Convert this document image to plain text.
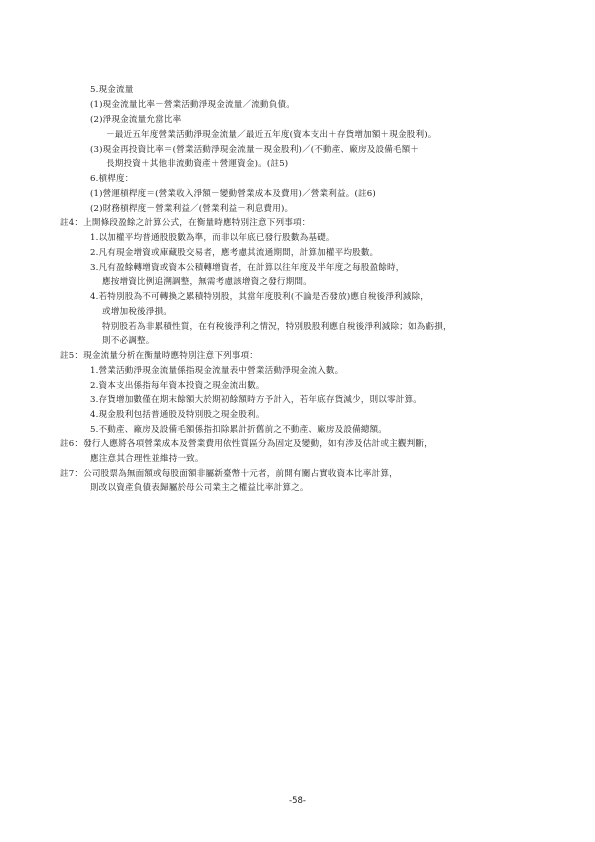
5.現金流量
(1)現金流量比率－營業活動淨現金流量／流動負債。
(2)淨現金流量允當比率
－最近五年度營業活動淨現金流量／最近五年度(資本支出＋存貨增加額＋現金股利)。
(3)現金再投資比率＝(營業活動淨現金流量－現金股利)／(不動產、廠房及設備毛額＋
長期投資＋其他非流動資產＋營運資金)。(註5)
6.槓桿度：
(1)營運槓桿度＝(營業收入淨額－變動營業成本及費用)／營業利益。(註6)
(2)財務槓桿度－營業利益／(營業利益－利息費用)。
註4：上開條段盈餘之計算公式，在衡量時應特別注意下列事項：
1.以加權平均普通股股數為準，而非以年底已發行股數為基礎。
2.凡有現金增資或庫藏股交易者，應考慮其流通期間，計算加權平均股數。
3.凡有盈餘轉增資或資本公積轉增資者，在計算以往年度及半年度之每股盈餘時，
應按增資比例追溯調整，無需考慮該增資之發行期間。
4.若特別股為不可轉換之累積特別股，其當年度股利(不論是否發放)應自稅後淨利減除，
或增加稅後淨損。
特別股若為非累積性質，在有稅後淨利之情況，特別股股利應自稅後淨利減除；如為虧損，
則不必調整。
註5：現金流量分析在衡量時應特別注意下列事項：
1.營業活動淨現金流量係指現金流量表中營業活動淨現金流入數。
2.資本支出係指每年資本投資之現金流出數。
3.存貨增加數僅在期末餘額大於期初餘額時方予計入，若年底存貨減少，則以零計算。
4.現金股利包括普通股及特別股之現金股利。
5.不動產、廠房及設備毛額係指扣除累計折舊前之不動產、廠房及設備總額。
註6：發行人應將各項營業成本及營業費用依性質區分為固定及變動，如有涉及估計或主觀判斷，
應注意其合理性並維持一致。
註7：公司股票為無面額或每股面額非屬新臺幣十元者，前開有關占實收資本比率計算，
則改以資產負債表歸屬於母公司業主之權益比率計算之。
-58-
